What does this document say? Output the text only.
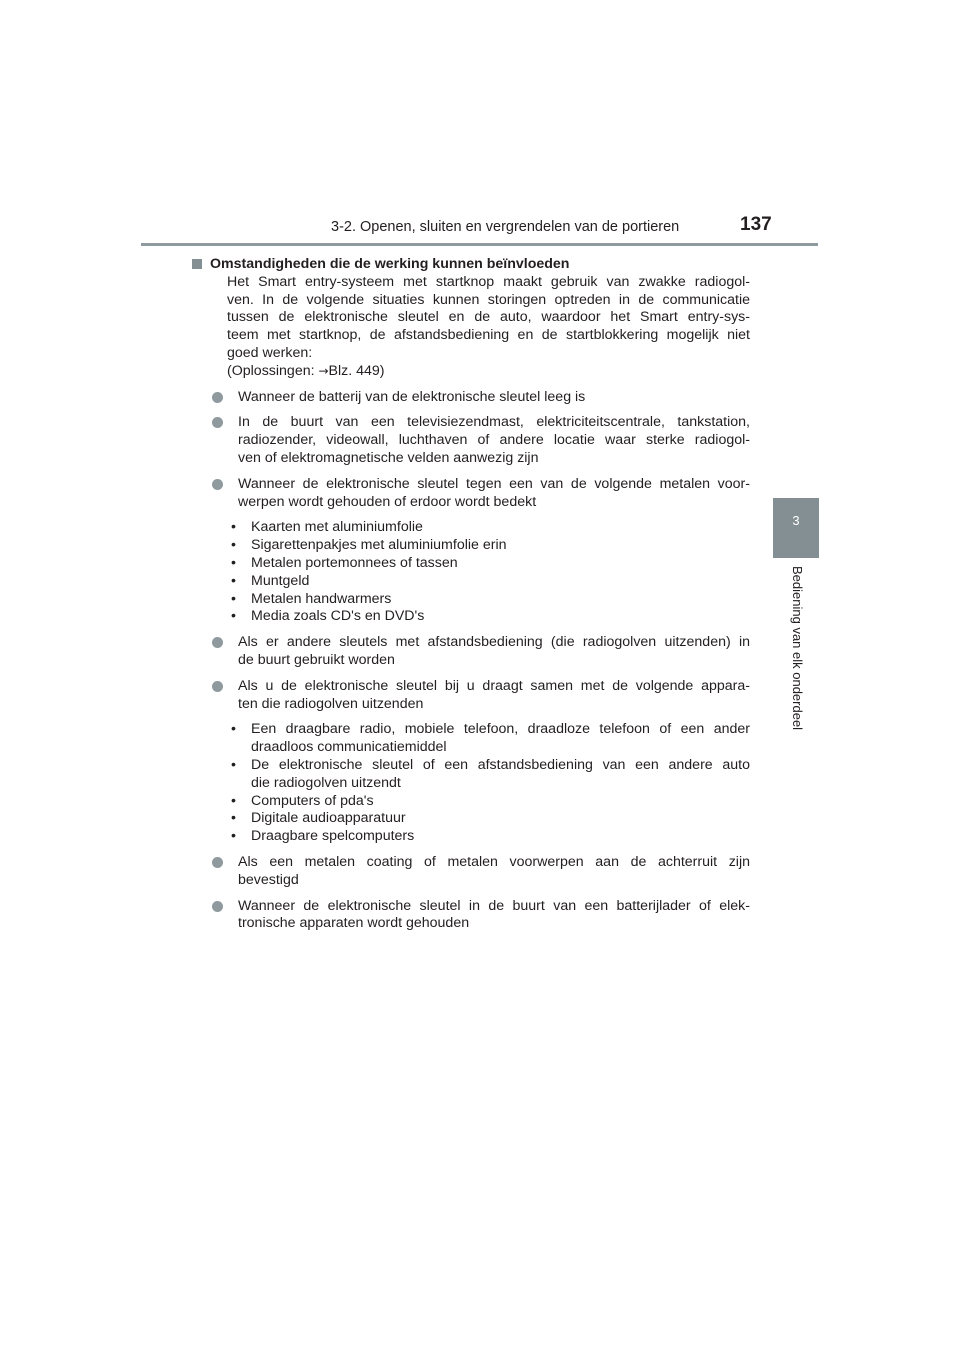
3-2. Openen, sluiten en vergrendelen van de portieren	137
3
Bediening van elk onderdeel

Omstandigheden die de werking kunnen beïnvloeden

Het Smart entry-systeem met startknop maakt gebruik van zwakke radiogol-
ven. In de volgende situaties kunnen storingen optreden in de communicatie
tussen de elektronische sleutel en de auto, waardoor het Smart entry-sys-
teem met startknop, de afstandsbediening en de startblokkering mogelijk niet
goed werken:
(Oplossingen: →Blz. 449)
Wanneer de batterij van de elektronische sleutel leeg is
In de buurt van een televisiezendmast, elektriciteitscentrale, tankstation,
radiozender, videowall, luchthaven of andere locatie waar sterke radiogol-
ven of elektromagnetische velden aanwezig zijn
Wanneer de elektronische sleutel tegen een van de volgende metalen voor-
werpen wordt gehouden of erdoor wordt bedekt
• Kaarten met aluminiumfolie
• Sigarettenpakjes met aluminiumfolie erin
• Metalen portemonnees of tassen
• Muntgeld
• Metalen handwarmers
• Media zoals CD's en DVD's
Als er andere sleutels met afstandsbediening (die radiogolven uitzenden) in
de buurt gebruikt worden
Als u de elektronische sleutel bij u draagt samen met de volgende appara-
ten die radiogolven uitzenden
• Een draagbare radio, mobiele telefoon, draadloze telefoon of een ander
draadloos communicatiemiddel
• De elektronische sleutel of een afstandsbediening van een andere auto
die radiogolven uitzendt
• Computers of pda's
• Digitale audioapparatuur
• Draagbare spelcomputers
Als een metalen coating of metalen voorwerpen aan de achterruit zijn
bevestigd
Wanneer de elektronische sleutel in de buurt van een batterijlader of elek-
tronische apparaten wordt gehouden
